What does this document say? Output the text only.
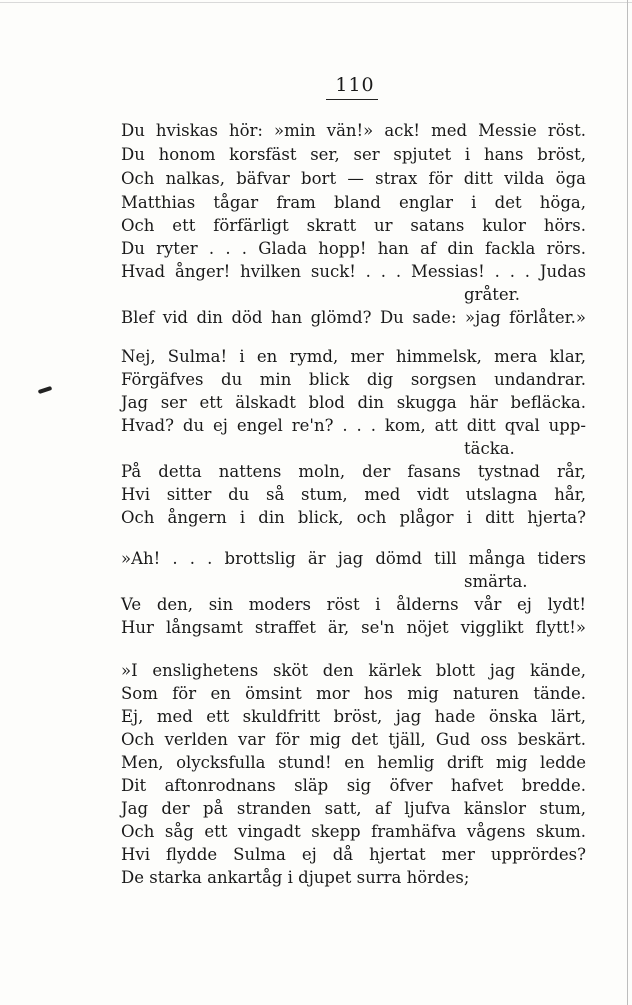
110
Du hviskas hör: »min vän!» ack! med Messie röst.
Du honom korsfäst ser, ser spjutet i hans bröst,
Och nalkas, bäfvar bort — strax för ditt vilda öga
Matthias tågar fram bland englar i det höga,
Och ett förfärligt skratt ur satans kulor hörs.
Du ryter . . . Glada hopp! han af din fackla rörs.
Hvad ånger! hvilken suck! . . . Messias! . . . Judas
gråter.
Blef vid din död han glömd? Du sade: »jag förlåter.»
Nej, Sulma! i en rymd, mer himmelsk, mera klar,
Förgäfves du min blick dig sorgsen undandrar.
Jag ser ett älskadt blod din skugga här befläcka.
Hvad? du ej engel re'n? . . . kom, att ditt qval upp-
täcka.
På detta nattens moln, der fasans tystnad rår,
Hvi sitter du så stum, med vidt utslagna hår,
Och ångern i din blick, och plågor i ditt hjerta?
»Ah! . . . brottslig är jag dömd till många tiders
smärta.
Ve den, sin moders röst i ålderns vår ej lydt!
Hur långsamt straffet är, se'n nöjet vigglikt flytt!»
»I enslighetens sköt den kärlek blott jag kände,
Som för en ömsint mor hos mig naturen tände.
Ej, med ett skuldfritt bröst, jag hade önska lärt,
Och verlden var för mig det tjäll, Gud oss beskärt.
Men, olycksfulla stund! en hemlig drift mig ledde
Dit aftonrodnans släp sig öfver hafvet bredde.
Jag der på stranden satt, af ljufva känslor stum,
Och såg ett vingadt skepp framhäfva vågens skum.
Hvi flydde Sulma ej då hjertat mer upprördes?
De starka ankartåg i djupet surra hördes;
